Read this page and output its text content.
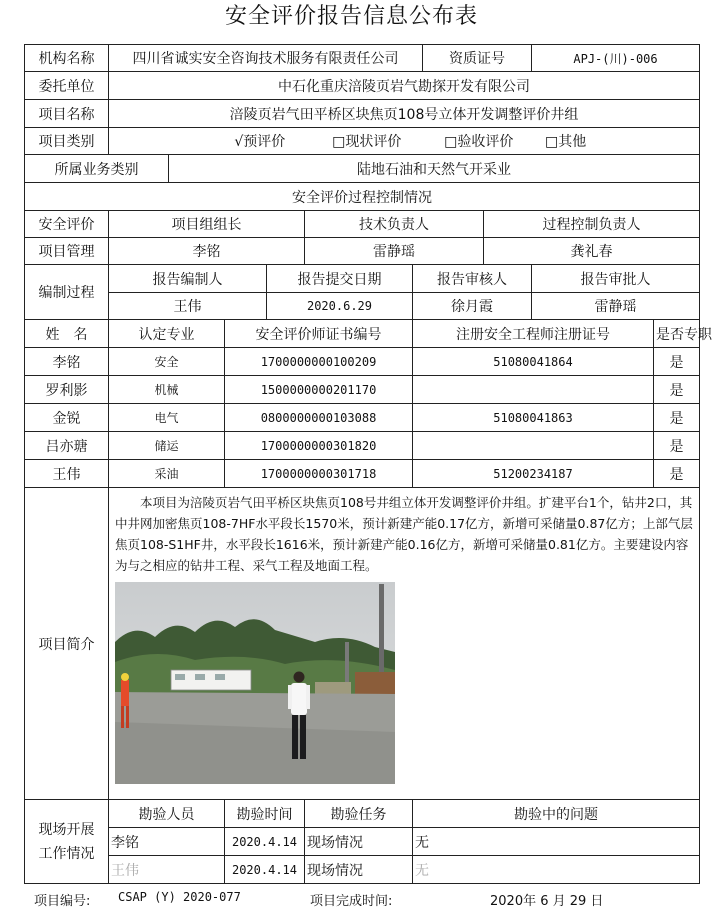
安全评价报告信息公布表
机构名称	四川省诚实安全咨询技术服务有限责任公司						资质证号		APJ-(川)-006	
委托单位	中石化重庆涪陵页岩气勘探开发有限公司									
项目名称	涪陵页岩气田平桥区块焦页108号立体开发调整评价井组									
项目类别	√预评价 □现状评价 □验收评价 □其他									
所属业务类别		陆地石油和天然气开采业								
安全评价过程控制情况										
安全评价	项目组组长				技术负责人			过程控制负责人		
项目管理	李铭				雷静瑶			龚礼春		
编制过程	报告编制人			报告提交日期		报告审核人			报告审批人	
	王伟			2020.6.29		徐月霞			雷静瑶	
姓　名	认定专业		安全评价师证书编号			注册安全工程师注册证号				是否专职
李铭	安全		1700000000100209			51080041864				是
罗利影	机械		1500000000201170							是
金锐	电气		0800000000103088			51080041863				是
吕亦瑭	储运		1700000000301820							是
王伟	采油		1700000000301718			51200234187				是
项目简介	本项目为涪陵页岩气田平桥区块焦页108号井组立体开发调整评价井组。扩建平台1个，钻井2口，其中井网加密焦页108-7HF水平段长1570米，预计新建产能0.17亿方，新增可采储量0.87亿方；上部气层焦页108-S1HF井，水平段长1616米，预计新建产能0.16亿方，新增可采储量0.81亿方。主要建设内容为与之相应的钻井工程、采气工程及地面工程。									

现场开展
工作情况	勘验人员		勘验时间		勘验任务	勘验中的问题				
	李铭		2020.4.14		现场情况	无				
	王伟		2020.4.14		现场情况	无				
项目编号: CSAP (Y) 2020-077	项目完成时间:	2020年 6 月 29 日
